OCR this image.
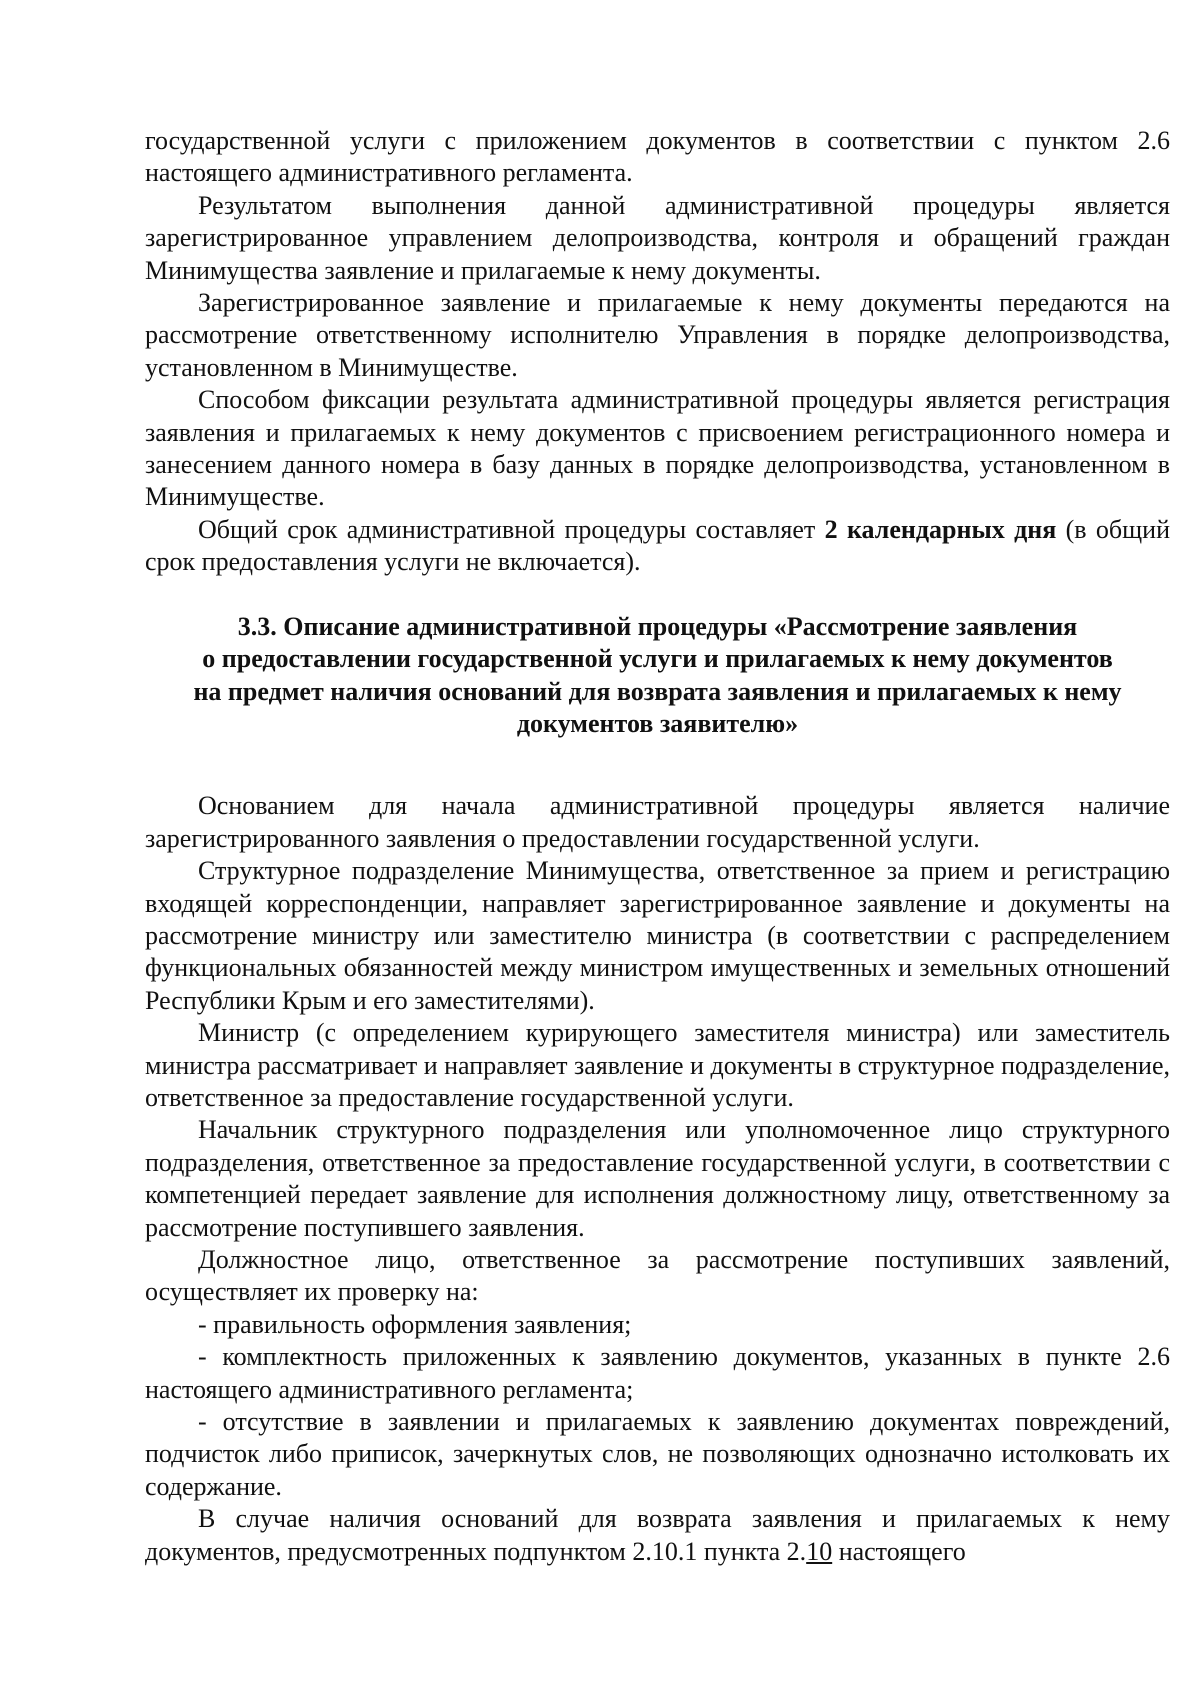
государственной услуги с приложением документов в соответствии с пунктом 2.6 настоящего административного регламента.

Результатом выполнения данной административной процедуры является зарегистрированное управлением делопроизводства, контроля и обращений граждан Минимущества заявление и прилагаемые к нему документы.

Зарегистрированное заявление и прилагаемые к нему документы передаются на рассмотрение ответственному исполнителю Управления в порядке делопроизводства, установленном в Минимуществе.

Способом фиксации результата административной процедуры является регистрация заявления и прилагаемых к нему документов с присвоением регистрационного номера и занесением данного номера в базу данных в порядке делопроизводства, установленном в Минимуществе.

Общий срок административной процедуры составляет 2 календарных дня (в общий срок предоставления услуги не включается).

3.3. Описание административной процедуры «Рассмотрение заявления
о предоставлении государственной услуги и прилагаемых к нему документов
на предмет наличия оснований для возврата заявления и прилагаемых к нему
документов заявителю»

Основанием для начала административной процедуры является наличие зарегистрированного заявления о предоставлении государственной услуги.

Структурное подразделение Минимущества, ответственное за прием и регистрацию входящей корреспонденции, направляет зарегистрированное заявление и документы на рассмотрение министру или заместителю министра (в соответствии с распределением функциональных обязанностей между министром имущественных и земельных отношений Республики Крым и его заместителями).

Министр (с определением курирующего заместителя министра) или заместитель министра рассматривает и направляет заявление и документы в структурное подразделение, ответственное за предоставление государственной услуги.

Начальник структурного подразделения или уполномоченное лицо структурного подразделения, ответственное за предоставление государственной услуги, в соответствии с компетенцией передает заявление для исполнения должностному лицу, ответственному за рассмотрение поступившего заявления.

Должностное лицо, ответственное за рассмотрение поступивших заявлений, осуществляет их проверку на:

- правильность оформления заявления;

- комплектность приложенных к заявлению документов, указанных в пункте 2.6 настоящего административного регламента;

- отсутствие в заявлении и прилагаемых к заявлению документах повреждений, подчисток либо приписок, зачеркнутых слов, не позволяющих однозначно истолковать их содержание.

В случае наличия оснований для возврата заявления и прилагаемых к нему документов, предусмотренных подпунктом 2.10.1 пункта 2.10 настоящего
